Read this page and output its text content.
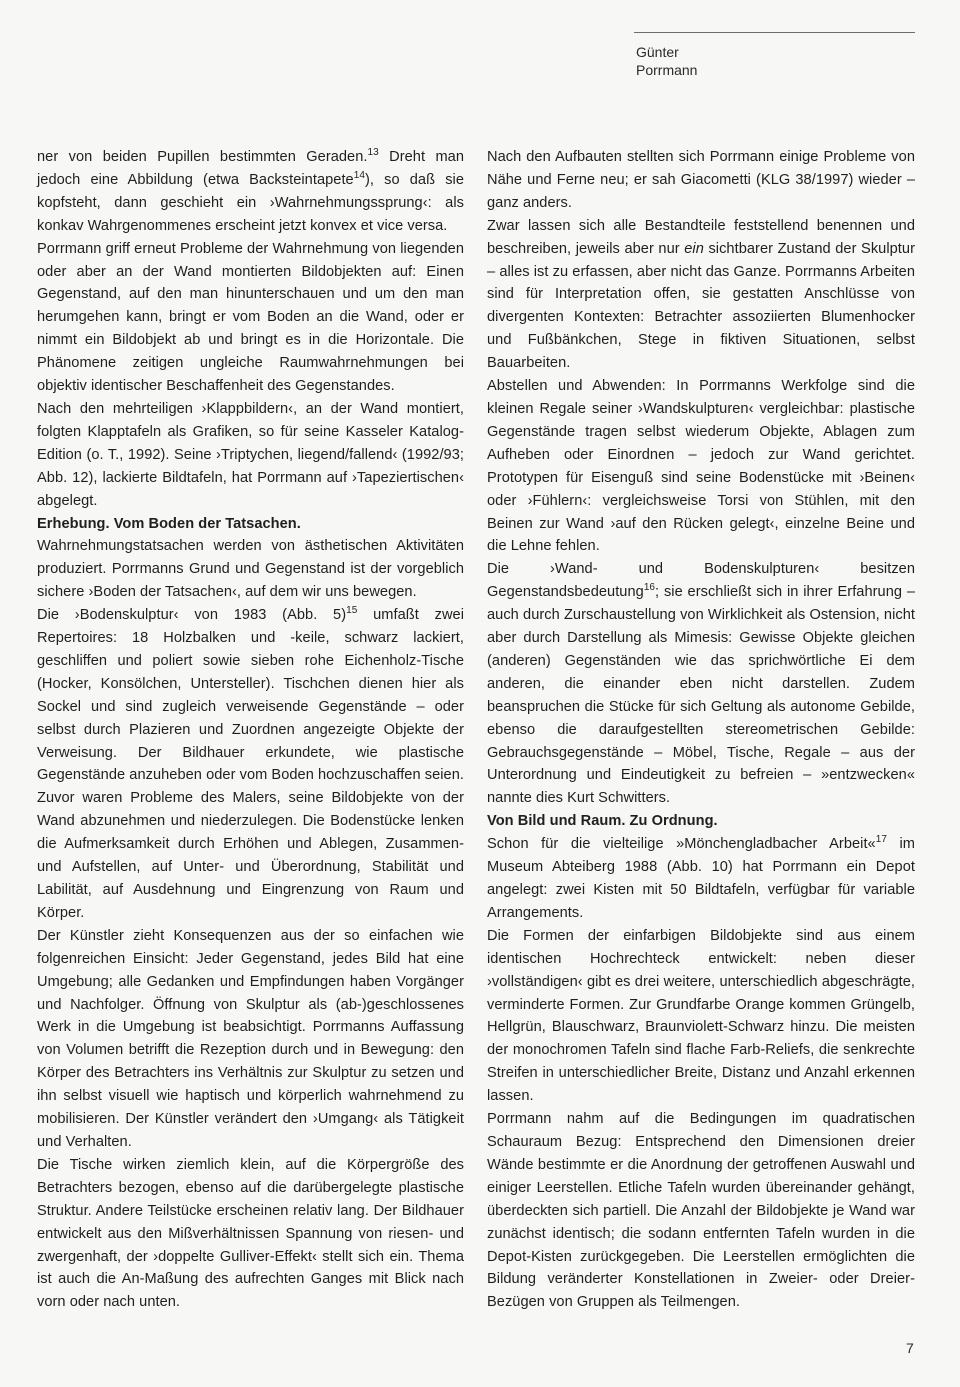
Günter
Porrmann

ner von beiden Pupillen bestimmten Geraden.$^{13}$ Dreht man jedoch eine Abbildung (etwa Backsteintapete$^{14}$), so daß sie kopfsteht, dann geschieht ein ›Wahrnehmungssprung‹: als konkav Wahrgenommenes erscheint jetzt konvex et vice versa.

Porrmann griff erneut Probleme der Wahrnehmung von liegenden oder aber an der Wand montierten Bildobjekten auf: Einen Gegenstand, auf den man hinunterschauen und um den man herumgehen kann, bringt er vom Boden an die Wand, oder er nimmt ein Bildobjekt ab und bringt es in die Horizontale. Die Phänomene zeitigen ungleiche Raumwahrnehmungen bei objektiv identischer Beschaffenheit des Gegenstandes.

Nach den mehrteiligen ›Klappbildern‹, an der Wand montiert, folgten Klapptafeln als Grafiken, so für seine Kasseler Katalog-Edition (o. T., 1992). Seine ›Triptychen, liegend/fallend‹ (1992/93; Abb. 12), lackierte Bildtafeln, hat Porrmann auf ›Tapeziertischen‹ abgelegt.

Erhebung. Vom Boden der Tatsachen.

Wahrnehmungstatsachen werden von ästhetischen Aktivitäten produziert. Porrmanns Grund und Gegenstand ist der vorgeblich sichere ›Boden der Tatsachen‹, auf dem wir uns bewegen.

Die ›Bodenskulptur‹ von 1983 (Abb. 5)$^{15}$ umfaßt zwei Repertoires: 18 Holzbalken und -keile, schwarz lackiert, geschliffen und poliert sowie sieben rohe Eichenholz-Tische (Hocker, Konsölchen, Untersteller). Tischchen dienen hier als Sockel und sind zugleich verweisende Gegenstände – oder selbst durch Plazieren und Zuordnen angezeigte Objekte der Verweisung. Der Bildhauer erkundete, wie plastische Gegenstände anzuheben oder vom Boden hochzuschaffen seien. Zuvor waren Probleme des Malers, seine Bildobjekte von der Wand abzunehmen und niederzulegen. Die Bodenstücke lenken die Aufmerksamkeit durch Erhöhen und Ablegen, Zusammen- und Aufstellen, auf Unter- und Überordnung, Stabilität und Labilität, auf Ausdehnung und Eingrenzung von Raum und Körper.

Der Künstler zieht Konsequenzen aus der so einfachen wie folgenreichen Einsicht: Jeder Gegenstand, jedes Bild hat eine Umgebung; alle Gedanken und Empfindungen haben Vorgänger und Nachfolger. Öffnung von Skulptur als (ab-)geschlossenes Werk in die Umgebung ist beabsichtigt. Porrmanns Auffassung von Volumen betrifft die Rezeption durch und in Bewegung: den Körper des Betrachters ins Verhältnis zur Skulptur zu setzen und ihn selbst visuell wie haptisch und körperlich wahrnehmend zu mobilisieren. Der Künstler verändert den ›Umgang‹ als Tätigkeit und Verhalten.

Die Tische wirken ziemlich klein, auf die Körpergröße des Betrachters bezogen, ebenso auf die darübergelegte plastische Struktur. Andere Teilstücke erscheinen relativ lang. Der Bildhauer entwickelt aus den Mißverhältnissen Spannung von riesen- und zwergenhaft, der ›doppelte Gulliver-Effekt‹ stellt sich ein. Thema ist auch die An-Maßung des aufrechten Ganges mit Blick nach vorn oder nach unten.

Nach den Aufbauten stellten sich Porrmann einige Probleme von Nähe und Ferne neu; er sah Giacometti (KLG 38/1997) wieder – ganz anders.

Zwar lassen sich alle Bestandteile feststellend benennen und beschreiben, jeweils aber nur ein sichtbarer Zustand der Skulptur – alles ist zu erfassen, aber nicht das Ganze. Porrmanns Arbeiten sind für Interpretation offen, sie gestatten Anschlüsse von divergenten Kontexten: Betrachter assoziierten Blumenhocker und Fußbänkchen, Stege in fiktiven Situationen, selbst Bauarbeiten.

Abstellen und Abwenden: In Porrmanns Werkfolge sind die kleinen Regale seiner ›Wandskulpturen‹ vergleichbar: plastische Gegenstände tragen selbst wiederum Objekte, Ablagen zum Aufheben oder Einordnen – jedoch zur Wand gerichtet. Prototypen für Eisenguß sind seine Bodenstücke mit ›Beinen‹ oder ›Fühlern‹: vergleichsweise Torsi von Stühlen, mit den Beinen zur Wand ›auf den Rücken gelegt‹, einzelne Beine und die Lehne fehlen.

Die ›Wand- und Bodenskulpturen‹ besitzen Gegenstandsbedeutung$^{16}$; sie erschließt sich in ihrer Erfahrung – auch durch Zurschaustellung von Wirklichkeit als Ostension, nicht aber durch Darstellung als Mimesis: Gewisse Objekte gleichen (anderen) Gegenständen wie das sprichwörtliche Ei dem anderen, die einander eben nicht darstellen. Zudem beanspruchen die Stücke für sich Geltung als autonome Gebilde, ebenso die daraufgestellten stereometrischen Gebilde: Gebrauchsgegenstände – Möbel, Tische, Regale – aus der Unterordnung und Eindeutigkeit zu befreien – »entzwecken« nannte dies Kurt Schwitters.

Von Bild und Raum. Zu Ordnung.

Schon für die vielteilige »Mönchengladbacher Arbeit«$^{17}$ im Museum Abteiberg 1988 (Abb. 10) hat Porrmann ein Depot angelegt: zwei Kisten mit 50 Bildtafeln, verfügbar für variable Arrangements.

Die Formen der einfarbigen Bildobjekte sind aus einem identischen Hochrechteck entwickelt: neben dieser ›vollständigen‹ gibt es drei weitere, unterschiedlich abgeschrägte, verminderte Formen. Zur Grundfarbe Orange kommen Grüngelb, Hellgrün, Blauschwarz, Braunviolett-Schwarz hinzu. Die meisten der monochromen Tafeln sind flache Farb-Reliefs, die senkrechte Streifen in unterschiedlicher Breite, Distanz und Anzahl erkennen lassen.

Porrmann nahm auf die Bedingungen im quadratischen Schauraum Bezug: Entsprechend den Dimensionen dreier Wände bestimmte er die Anordnung der getroffenen Auswahl und einiger Leerstellen. Etliche Tafeln wurden übereinander gehängt, überdeckten sich partiell. Die Anzahl der Bildobjekte je Wand war zunächst identisch; die sodann entfernten Tafeln wurden in die Depot-Kisten zurückgegeben. Die Leerstellen ermöglichten die Bildung veränderter Konstellationen in Zweier- oder Dreier-Bezügen von Gruppen als Teilmengen.

7
